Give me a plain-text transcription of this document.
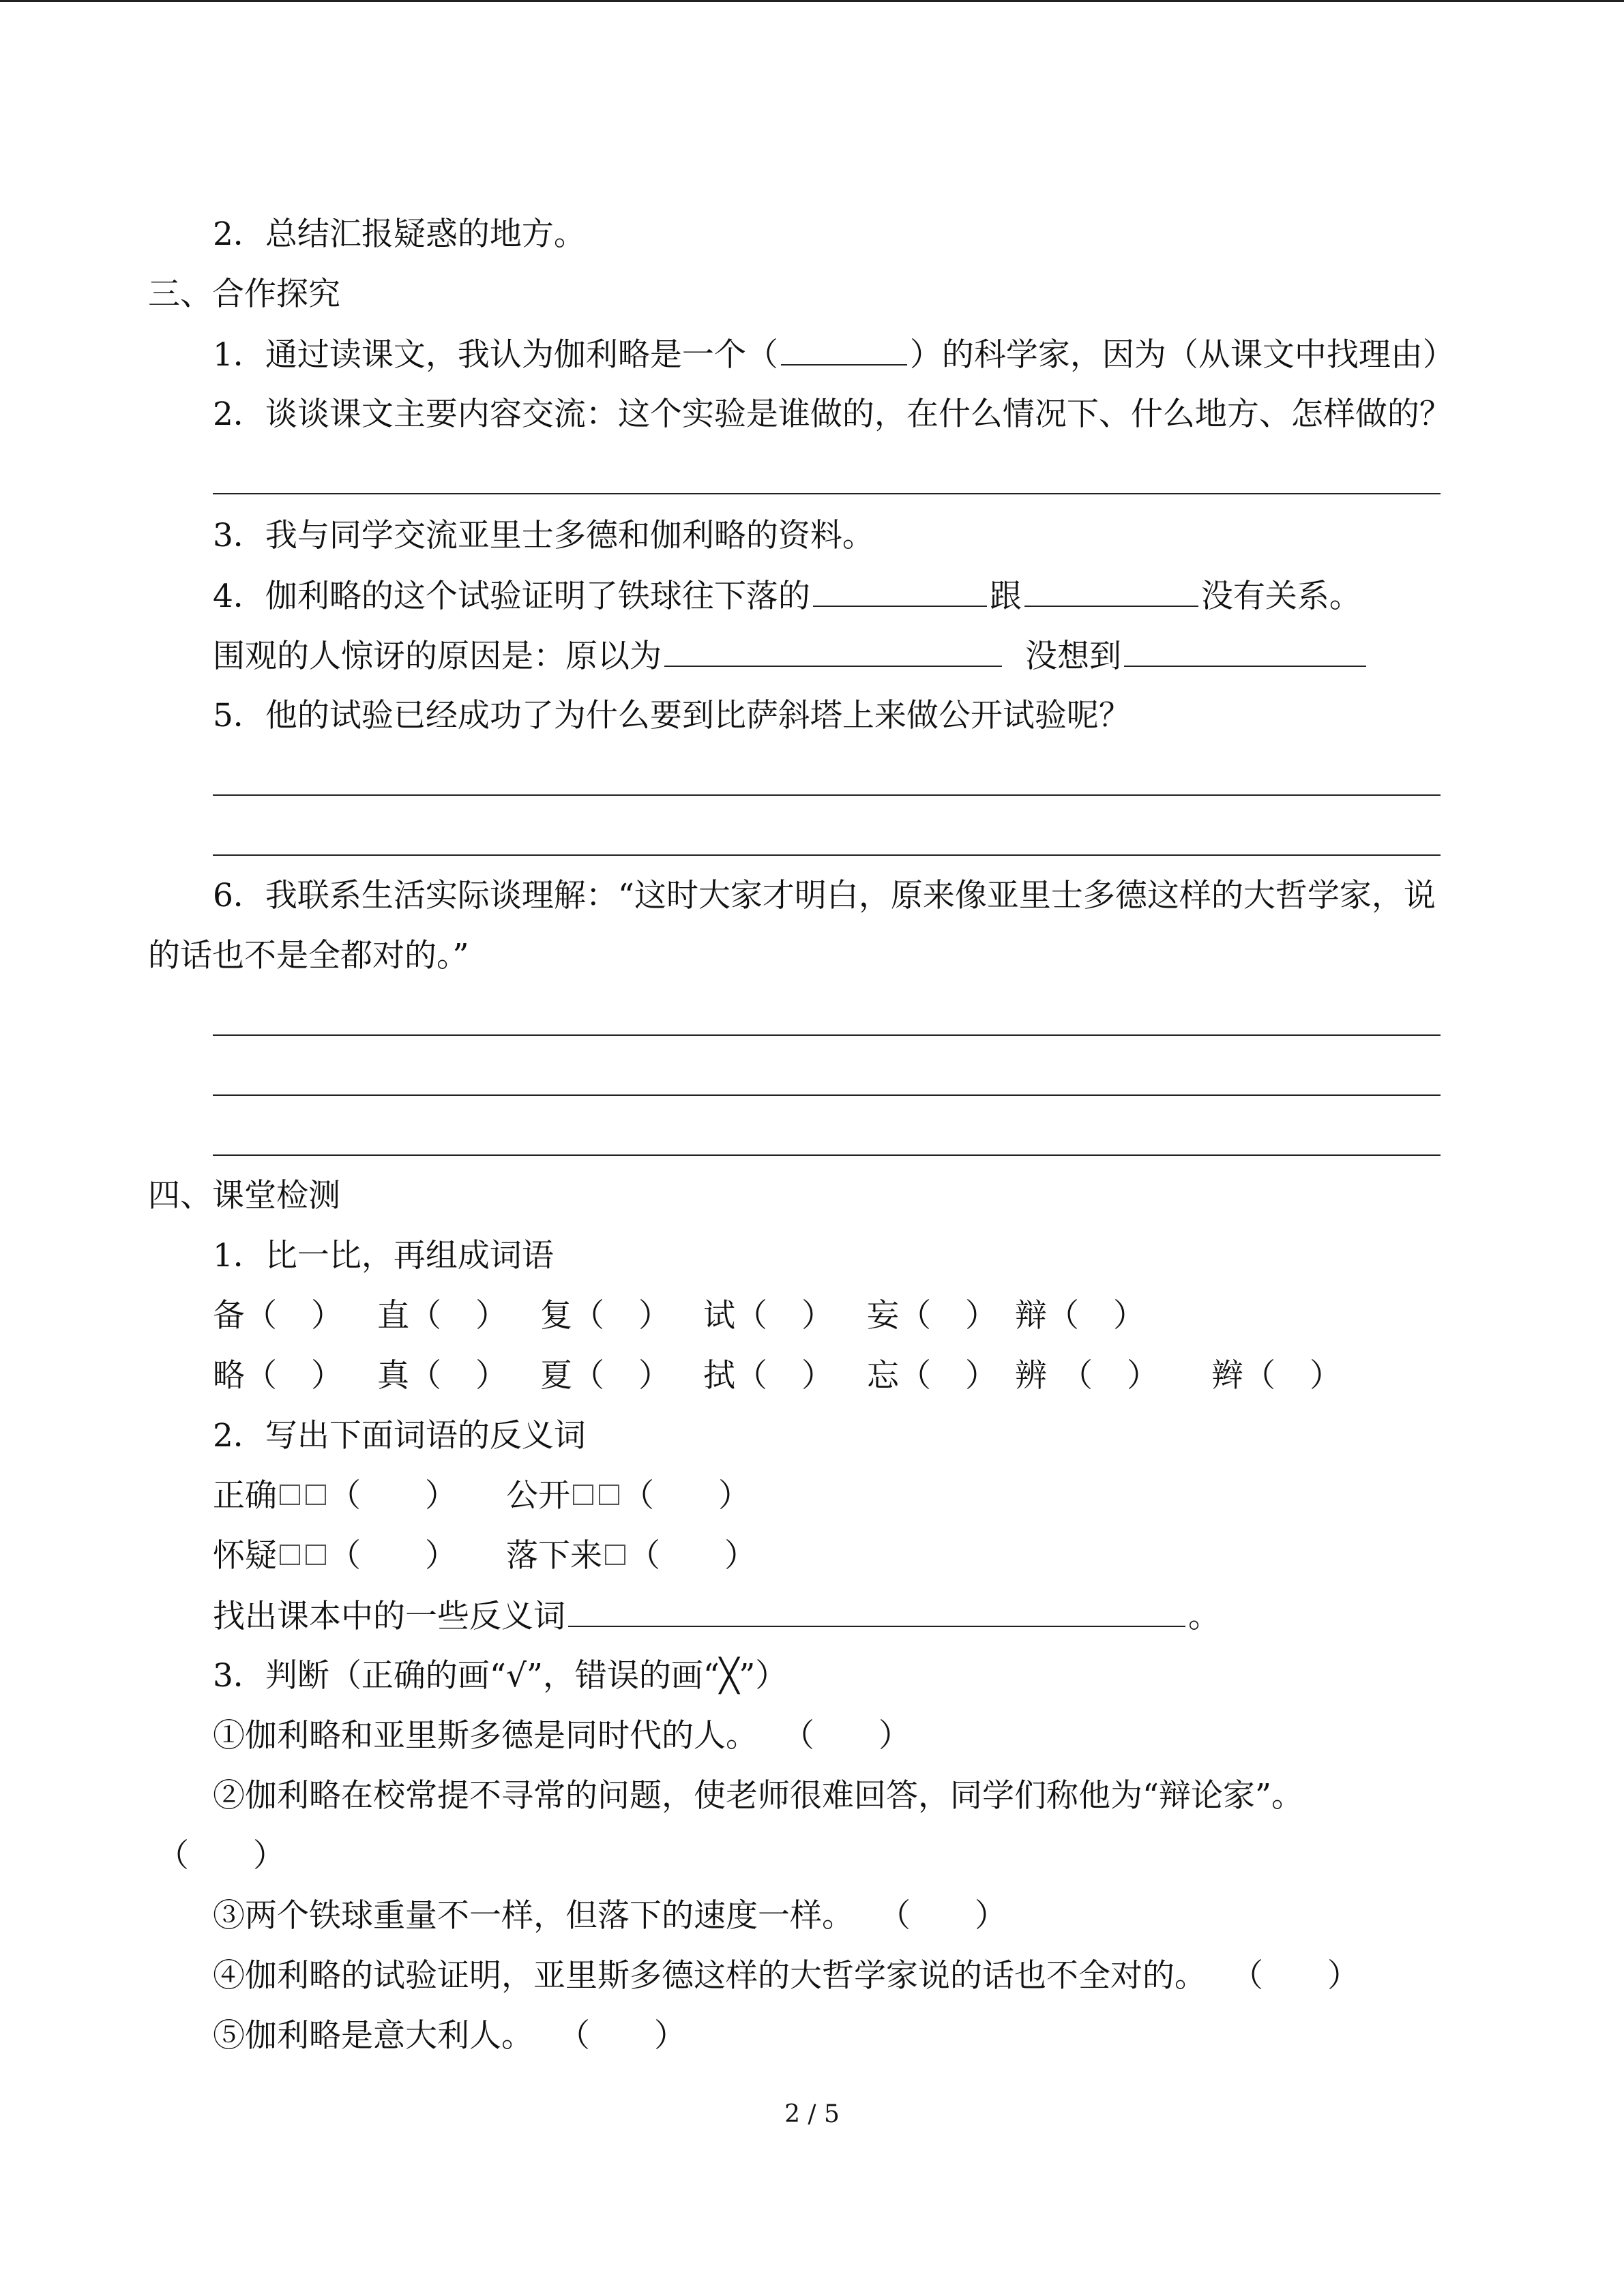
2．总结汇报疑惑的地方。
三、合作探究
1．通过读课文，我认为伽利略是一个（	）的科学家，因为（从课文中找理由）
2．谈谈课文主要内容交流：这个实验是谁做的，在什么情况下、什么地方、怎样做的？
3．我与同学交流亚里士多德和伽利略的资料。
4．伽利略的这个试验证明了铁球往下落的	跟	没有关系。
围观的人惊讶的原因是：原以为	没想到
5．他的试验已经成功了为什么要到比萨斜塔上来做公开试验呢？
6．我联系生活实际谈理解：“这时大家才明白，原来像亚里士多德这样的大哲学家，说
的话也不是全都对的。”
四、课堂检测
1．比一比，再组成词语
备（ ） 直（ ） 复（ ） 试（ ） 妄（ ） 辩（ ）
略（ ） 真（ ） 夏（ ） 拭（ ） 忘（ ） 辨 （ ） 辫（ ）
2．写出下面词语的反义词
正确 （　　） 公开 （　　）
怀疑 （　　） 落下来 （　　）
找出课本中的一些反义词	。
3．判断（正确的画“√”，错误的画“╳”）
①伽利略和亚里斯多德是同时代的人。 （　　）
②伽利略在校常提不寻常的问题，使老师很难回答，同学们称他为“辩论家”。
（　　）
③两个铁球重量不一样，但落下的速度一样。 （　　）
④伽利略的试验证明，亚里斯多德这样的大哲学家说的话也不全对的。 （　　）
⑤伽利略是意大利人。 （　　）
2 / 5
